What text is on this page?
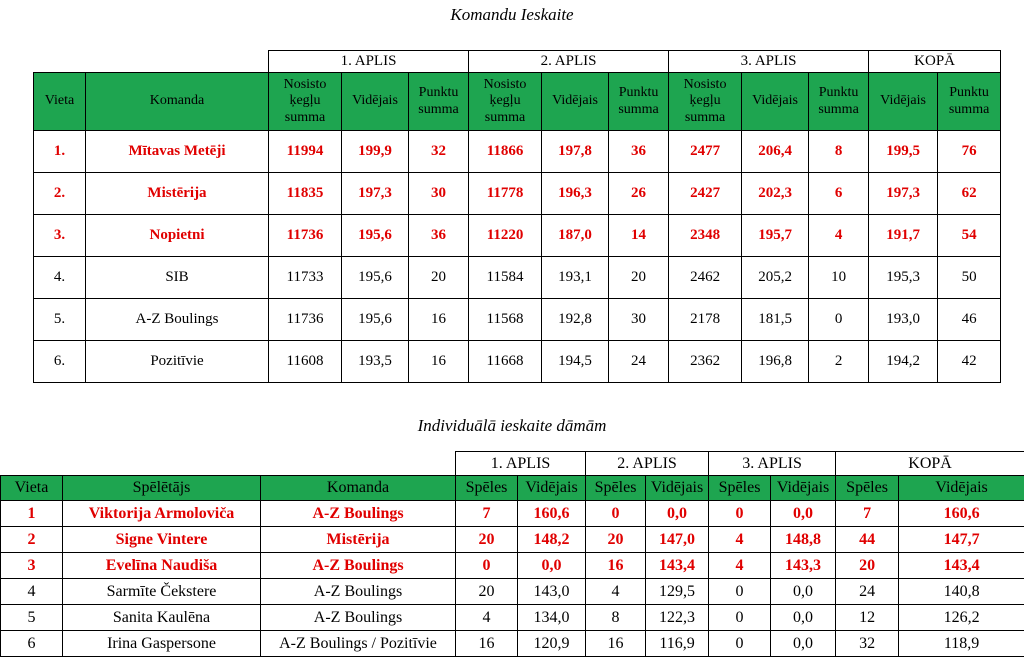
Komandu Ieskaite
		1. APLIS			2. APLIS			3. APLIS			KOPĀ	
Vieta	Komanda	Nosisto ķegļu summa	Vidējais	Punktu summa	Nosisto ķegļu summa	Vidējais	Punktu summa	Nosisto ķegļu summa	Vidējais	Punktu summa	Vidējais	Punktu summa
1.	Mītavas Metēji	11994	199,9	32	11866	197,8	36	2477	206,4	8	199,5	76
2.	Mistērija	11835	197,3	30	11778	196,3	26	2427	202,3	6	197,3	62
3.	Nopietni	11736	195,6	36	11220	187,0	14	2348	195,7	4	191,7	54
4.	SIB	11733	195,6	20	11584	193,1	20	2462	205,2	10	195,3	50
5.	A-Z Boulings	11736	195,6	16	11568	192,8	30	2178	181,5	0	193,0	46
6.	Pozitīvie	11608	193,5	16	11668	194,5	24	2362	196,8	2	194,2	42
Individuālā ieskaite dāmām
			1. APLIS		2. APLIS		3. APLIS		KOPĀ	
Vieta	Spēlētājs	Komanda	Spēles	Vidējais	Spēles	Vidējais	Spēles	Vidējais	Spēles	Vidējais
1	Viktorija Armoloviča	A-Z Boulings	7	160,6	0	0,0	0	0,0	7	160,6
2	Signe Vintere	Mistērija	20	148,2	20	147,0	4	148,8	44	147,7
3	Evelīna Naudiša	A-Z Boulings	0	0,0	16	143,4	4	143,3	20	143,4
4	Sarmīte Čekstere	A-Z Boulings	20	143,0	4	129,5	0	0,0	24	140,8
5	Sanita Kaulēna	A-Z Boulings	4	134,0	8	122,3	0	0,0	12	126,2
6	Irina Gaspersone	A-Z Boulings / Pozitīvie	16	120,9	16	116,9	0	0,0	32	118,9
